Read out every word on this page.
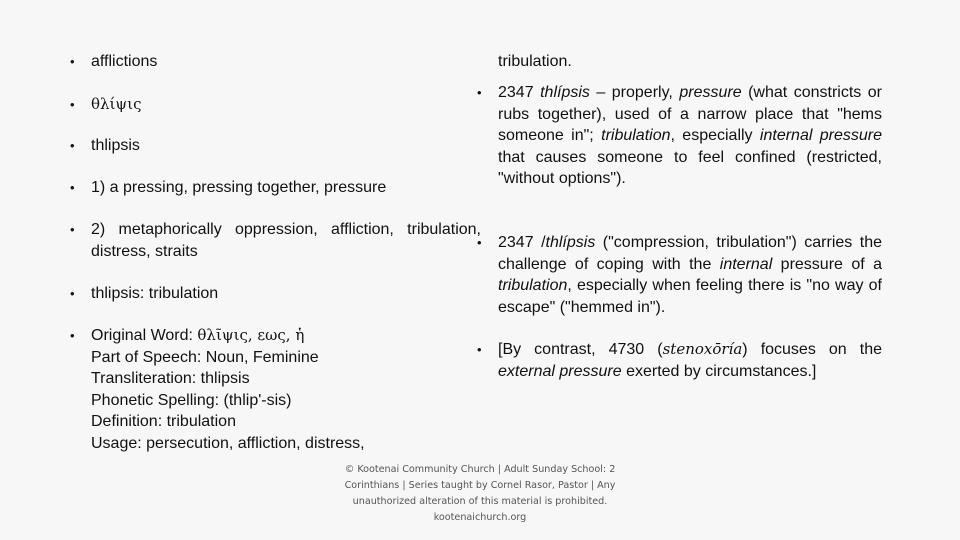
• afflictions
• θλίψις
• thlipsis
• 1) a pressing, pressing together, pressure
• 2) metaphorically oppression, affliction, tribulation, distress, straits
• thlipsis: tribulation
• Original Word: θλῖψις, εως, ἡ
Part of Speech: Noun, Feminine
Transliteration: thlipsis
Phonetic Spelling: (thlip'-sis)
Definition: tribulation
Usage: persecution, affliction, distress,
tribulation.
• 2347 thlípsis – properly, pressure (what constricts or rubs together), used of a narrow place that "hems someone in"; tribulation, especially internal pressure that causes someone to feel confined (restricted, "without options").
• 2347 /thlípsis ("compression, tribulation") carries the challenge of coping with the internal pressure of a tribulation, especially when feeling there is "no way of escape" ("hemmed in").
• [By contrast, 4730 (stenoxōría) focuses on the external pressure exerted by circumstances.]
© Kootenai Community Church | Adult Sunday School: 2 Corinthians | Series taught by Cornel Rasor, Pastor | Any unauthorized alteration of this material is prohibited. kootenaichurch.org
